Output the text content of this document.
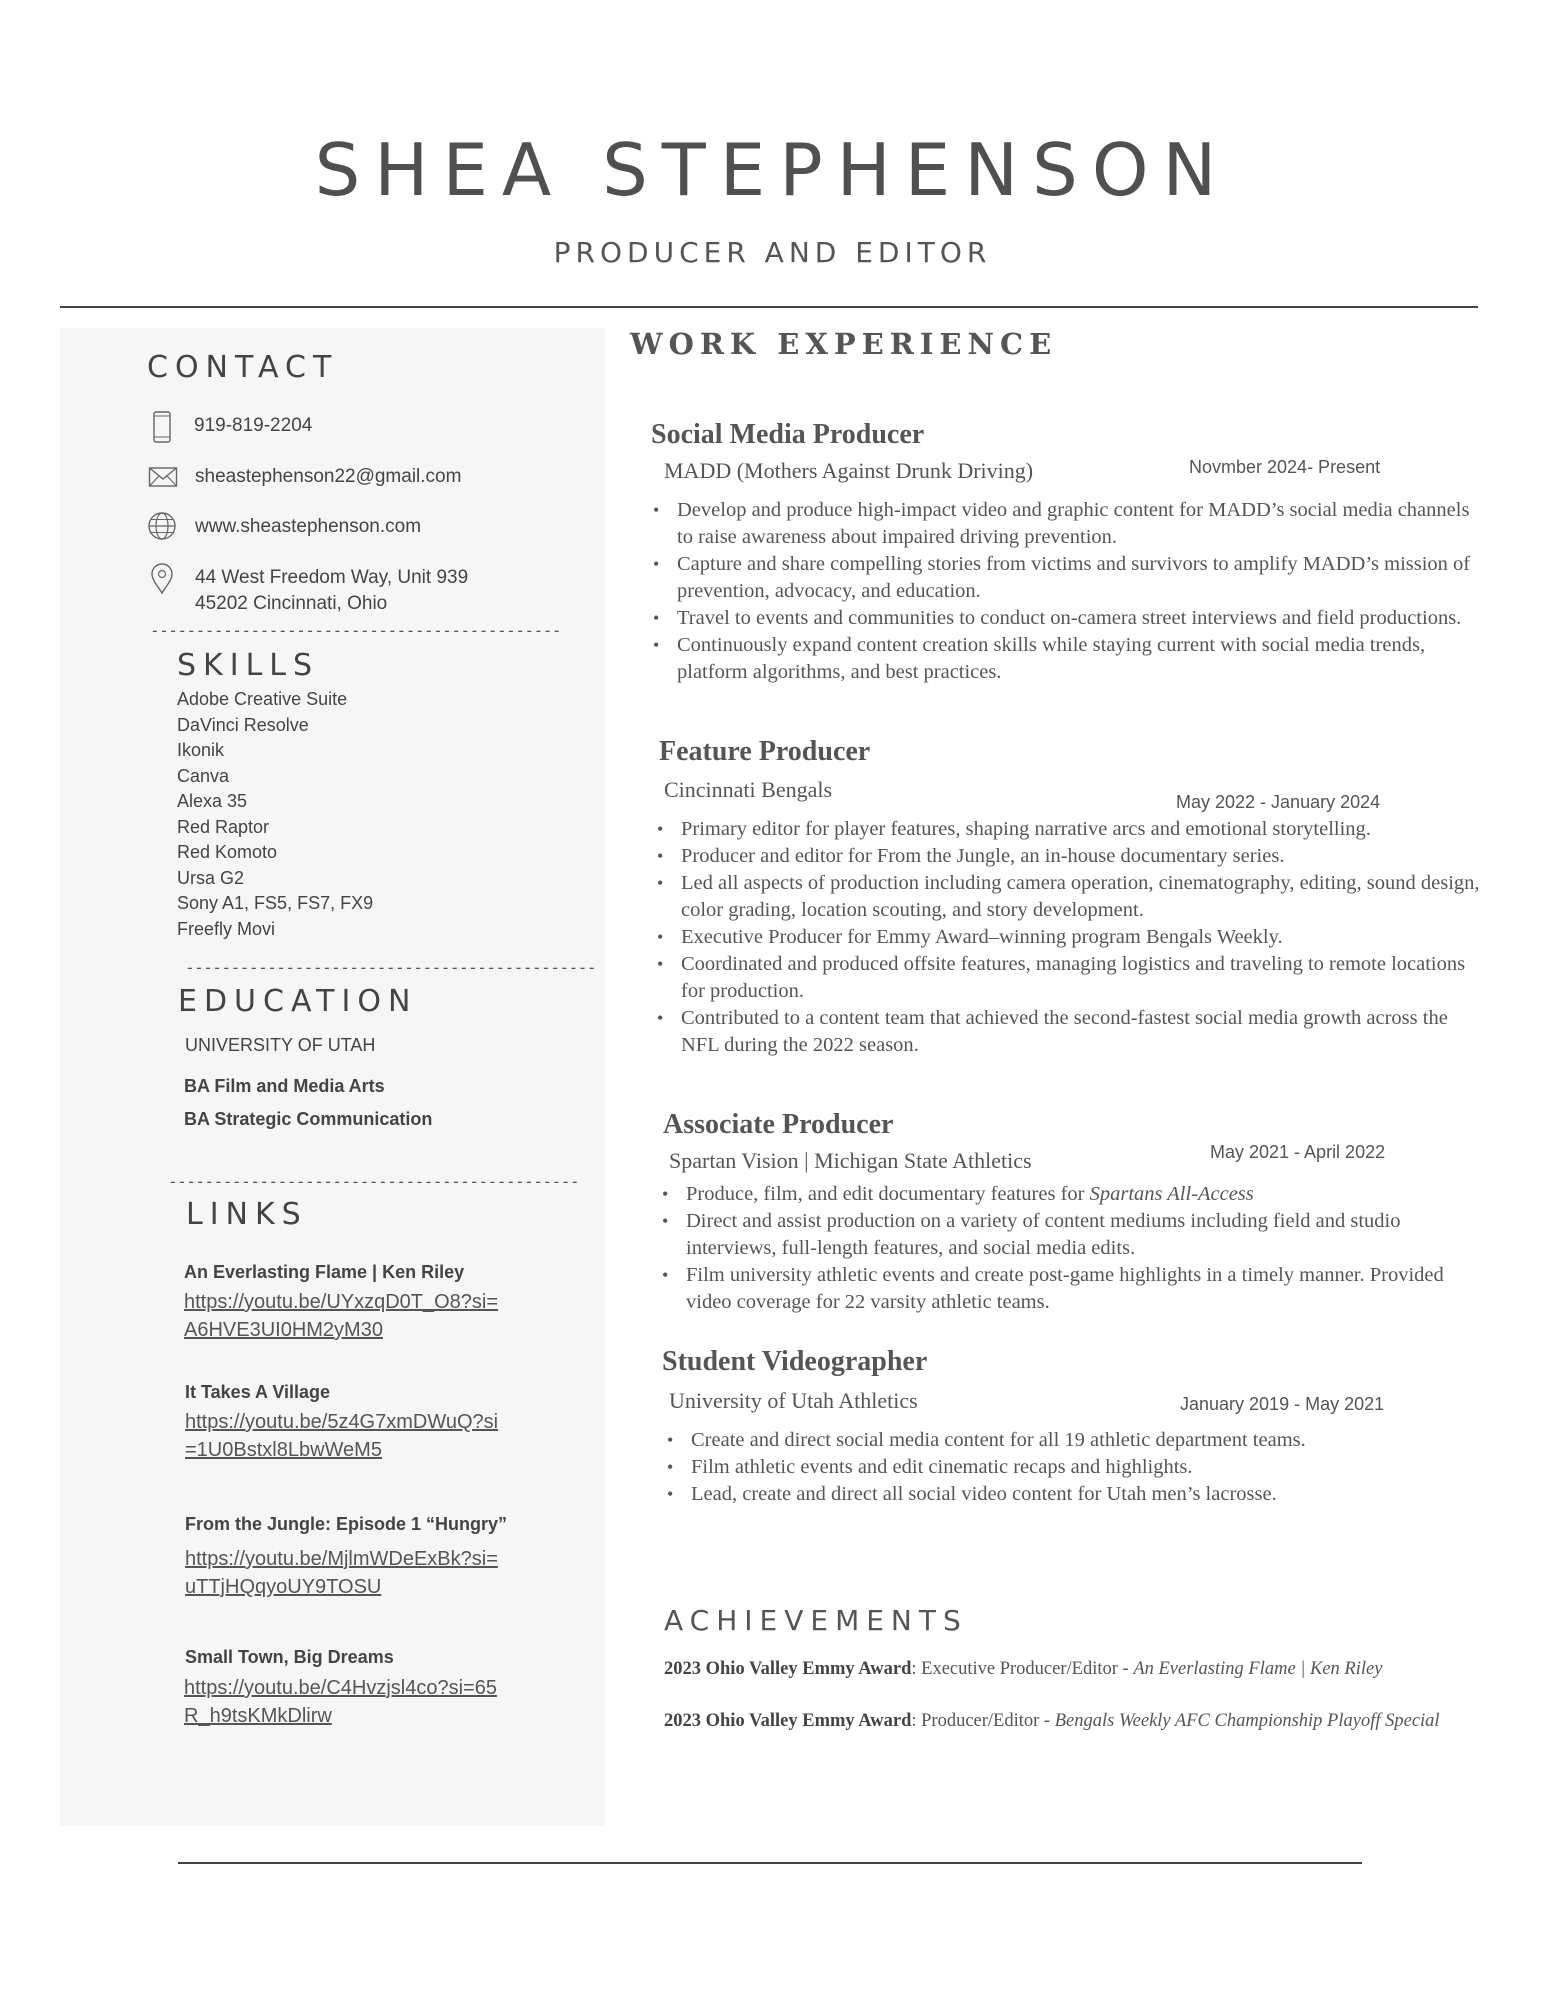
SHEA STEPHENSON
PRODUCER AND EDITOR
CONTACT
919-819-2204
sheastephenson22@gmail.com
www.sheastephenson.com
44 West Freedom Way, Unit 939
45202 Cincinnati, Ohio
---------------------------------------------
SKILLS
Adobe Creative Suite
DaVinci Resolve
Ikonik
Canva
Alexa 35
Red Raptor
Red Komoto
Ursa G2
Sony A1, FS5, FS7, FX9
Freefly Movi
---------------------------------------------
EDUCATION
UNIVERSITY OF UTAH
BA Film and Media Arts
BA Strategic Communication
---------------------------------------------
LINKS
An Everlasting Flame | Ken Riley
https://youtu.be/UYxzqD0T_O8?si=A6HVE3UI0HM2yM30
It Takes A Village
https://youtu.be/5z4G7xmDWuQ?si=1U0Bstxl8LbwWeM5
From the Jungle: Episode 1 “Hungry”
https://youtu.be/MjlmWDeExBk?si=uTTjHQqyoUY9TOSU
Small Town, Big Dreams
https://youtu.be/C4Hvzjsl4co?si=65R_h9tsKMkDlirw
WORK EXPERIENCE
Social Media Producer
MADD (Mothers Against Drunk Driving)	Novmber 2024- Present
• Develop and produce high-impact video and graphic content for MADD’s social media channels to raise awareness about impaired driving prevention.
• Capture and share compelling stories from victims and survivors to amplify MADD’s mission of prevention, advocacy, and education.
• Travel to events and communities to conduct on-camera street interviews and field productions.
• Continuously expand content creation skills while staying current with social media trends, platform algorithms, and best practices.
Feature Producer
Cincinnati Bengals	May 2022 - January 2024
• Primary editor for player features, shaping narrative arcs and emotional storytelling.
• Producer and editor for From the Jungle, an in-house documentary series.
• Led all aspects of production including camera operation, cinematography, editing, sound design, color grading, location scouting, and story development.
• Executive Producer for Emmy Award–winning program Bengals Weekly.
• Coordinated and produced offsite features, managing logistics and traveling to remote locations for production.
• Contributed to a content team that achieved the second-fastest social media growth across the NFL during the 2022 season.
Associate Producer
Spartan Vision | Michigan State Athletics	May 2021 - April 2022
• Produce, film, and edit documentary features for Spartans All-Access
• Direct and assist production on a variety of content mediums including field and studio interviews, full-length features, and social media edits.
• Film university athletic events and create post-game highlights in a timely manner. Provided video coverage for 22 varsity athletic teams.
Student Videographer
University of Utah Athletics	January 2019 - May 2021
• Create and direct social media content for all 19 athletic department teams.
• Film athletic events and edit cinematic recaps and highlights.
• Lead, create and direct all social video content for Utah men’s lacrosse.
ACHIEVEMENTS
2023 Ohio Valley Emmy Award: Executive Producer/Editor - An Everlasting Flame | Ken Riley
2023 Ohio Valley Emmy Award: Producer/Editor - Bengals Weekly AFC Championship Playoff Special
